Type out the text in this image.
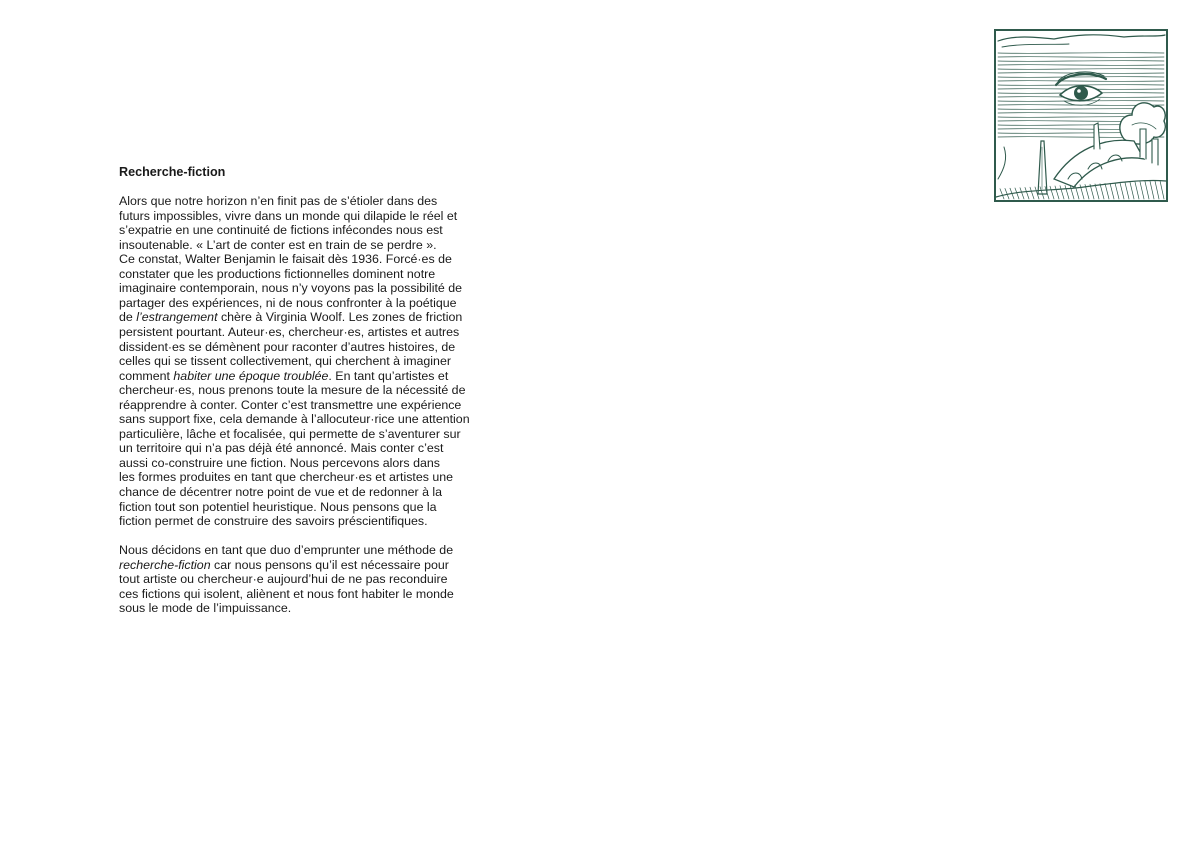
Recherche-fiction
Alors que notre horizon n’en finit pas de s’étioler dans des
futurs impossibles, vivre dans un monde qui dilapide le réel et
s’expatrie en une continuité de fictions infécondes nous est
insoutenable. « L’art de conter est en train de se perdre ».
Ce constat, Walter Benjamin le faisait dès 1936. Forcé·es de
constater que les productions fictionnelles dominent notre
imaginaire contemporain, nous n’y voyons pas la possibilité de
partager des expériences, ni de nous confronter à la poétique
de l’estrangement chère à Virginia Woolf. Les zones de friction
persistent pourtant. Auteur·es, chercheur·es, artistes et autres
dissident·es se démènent pour raconter d’autres histoires, de
celles qui se tissent collectivement, qui cherchent à imaginer
comment habiter une époque troublée. En tant qu’artistes et
chercheur·es, nous prenons toute la mesure de la nécessité de
réapprendre à conter. Conter c’est transmettre une expérience
sans support fixe, cela demande à l’allocuteur·rice une attention
particulière, lâche et focalisée, qui permette de s’aventurer sur
un territoire qui n’a pas déjà été annoncé. Mais conter c’est
aussi co-construire une fiction. Nous percevons alors dans
les formes produites en tant que chercheur·es et artistes une
chance de décentrer notre point de vue et de redonner à la
fiction tout son potentiel heuristique. Nous pensons que la
fiction permet de construire des savoirs préscientifiques.
Nous décidons en tant que duo d’emprunter une méthode de
recherche-fiction car nous pensons qu’il est nécessaire pour
tout artiste ou chercheur·e aujourd’hui de ne pas reconduire
ces fictions qui isolent, aliènent et nous font habiter le monde
sous le mode de l’impuissance.
